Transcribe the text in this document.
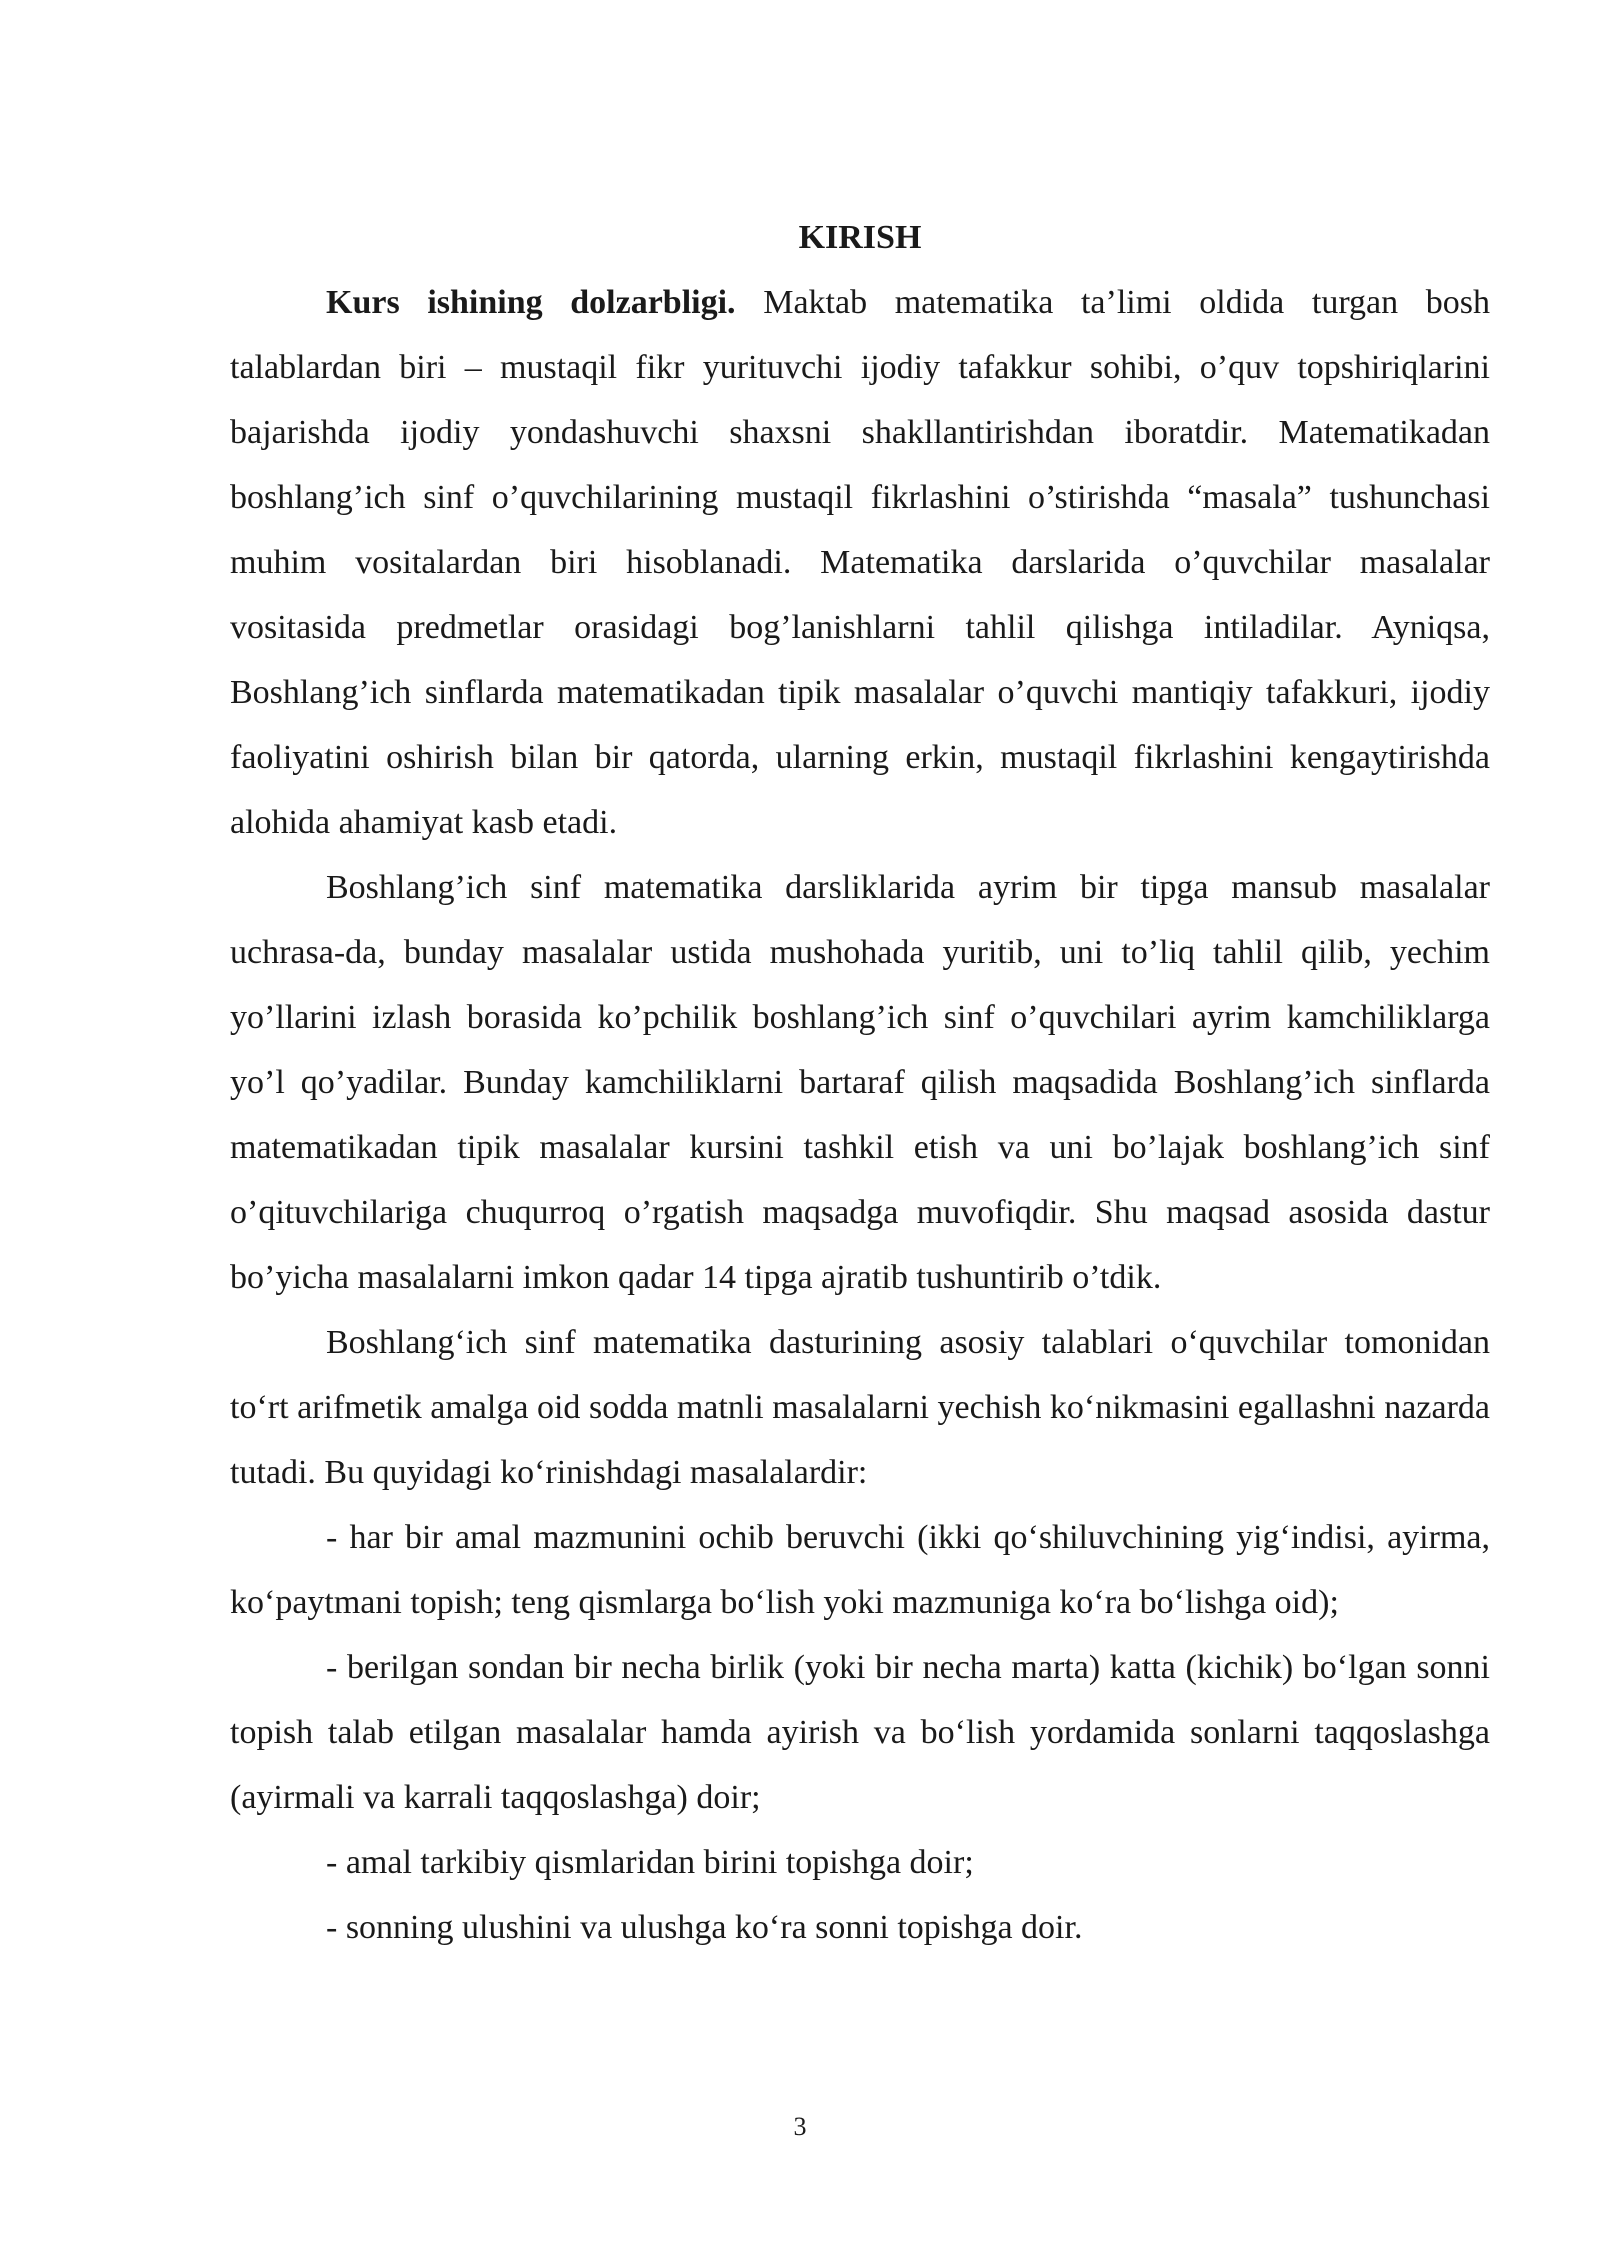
KIRISH

Kurs ishining dolzarbligi. Maktab matematika ta’limi oldida turgan bosh talablardan biri – mustaqil fikr yurituvchi ijodiy tafakkur sohibi, o’quv topshiriqlarini bajarishda ijodiy yondashuvchi shaxsni shakllantirishdan iboratdir. Matematikadan boshlang’ich sinf o’quvchilarining mustaqil fikrlashini o’stirishda “masala” tushunchasi muhim vositalardan biri hisoblanadi. Matematika darslarida o’quvchilar masalalar vositasida predmetlar orasidagi bog’lanishlarni tahlil qilishga intiladilar. Ayniqsa, Boshlang’ich sinflarda matematikadan tipik masalalar o’quvchi mantiqiy tafakkuri, ijodiy faoliyatini oshirish bilan bir qatorda, ularning erkin, mustaqil fikrlashini kengaytirishda alohida ahamiyat kasb etadi.

Boshlang’ich sinf matematika darsliklarida ayrim bir tipga mansub masalalar uchrasa-da, bunday masalalar ustida mushohada yuritib, uni to’liq tahlil qilib, yechim yo’llarini izlash borasida ko’pchilik boshlang’ich sinf o’quvchilari ayrim kamchiliklarga yo’l qo’yadilar. Bunday kamchiliklarni bartaraf qilish maqsadida Boshlang’ich sinflarda matematikadan tipik masalalar kursini tashkil etish va uni bo’lajak boshlang’ich sinf o’qituvchilariga chuqurroq o’rgatish maqsadga muvofiqdir. Shu maqsad asosida dastur bo’yicha masalalarni imkon qadar 14 tipga ajratib tushuntirib o’tdik.

Boshlang‘ich sinf matematika dasturining asosiy talablari o‘quvchilar tomonidan to‘rt arifmetik amalga oid sodda matnli masalalarni yechish ko‘nikmasini egallashni nazarda tutadi. Bu quyidagi ko‘rinishdagi masalalardir:

- har bir amal mazmunini ochib beruvchi (ikki qo‘shiluvchining yig‘indisi, ayirma, ko‘paytmani topish; teng qismlarga bo‘lish yoki mazmuniga ko‘ra bo‘lishga oid);

- berilgan sondan bir necha birlik (yoki bir necha marta) katta (kichik) bo‘lgan sonni topish talab etilgan masalalar hamda ayirish va bo‘lish yordamida sonlarni taqqoslashga (ayirmali va karrali taqqoslashga) doir;

- amal tarkibiy qismlaridan birini topishga doir;

- sonning ulushini va ulushga ko‘ra sonni topishga doir.

3
